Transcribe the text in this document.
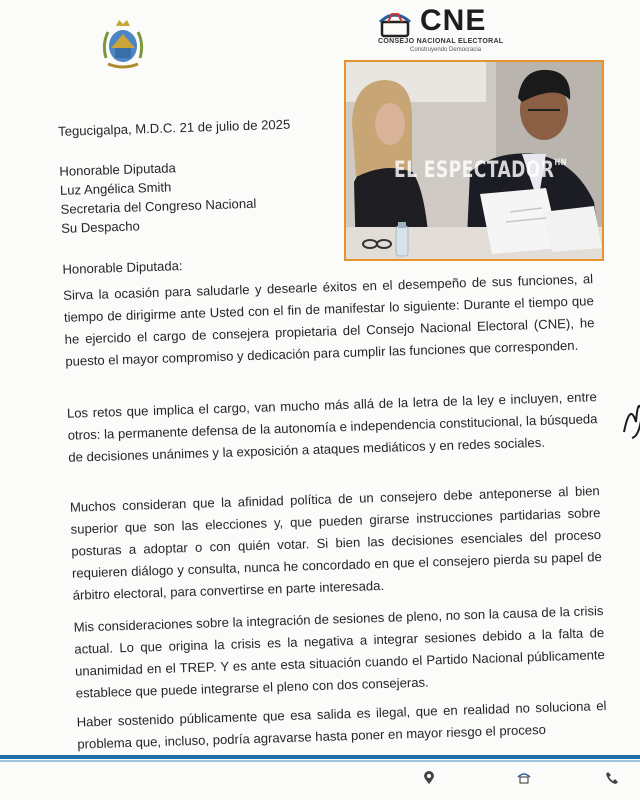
CNE
CONSEJO NACIONAL ELECTORAL
Construyendo Democracia
EL $ESPECTADOR^{HN}$
Tegucigalpa, M.D.C. 21 de julio de 2025
Honorable Diputada
Luz Angélica Smith
Secretaria del Congreso Nacional
Su Despacho
Honorable Diputada:
Sirva la ocasión para saludarle y desearle éxitos en el desempeño de sus funciones, al tiempo de dirigirme ante Usted con el fin de manifestar lo siguiente: Durante el tiempo que he ejercido el cargo de consejera propietaria del Consejo Nacional Electoral (CNE), he puesto el mayor compromiso y dedicación para cumplir las funciones que corresponden.
Los retos que implica el cargo, van mucho más allá de la letra de la ley e incluyen, entre otros: la permanente defensa de la autonomía e independencia constitucional, la búsqueda de decisiones unánimes y la exposición a ataques mediáticos y en redes sociales.
Muchos consideran que la afinidad política de un consejero debe anteponerse al bien superior que son las elecciones y, que pueden girarse instrucciones partidarias sobre posturas a adoptar o con quién votar. Si bien las decisiones esenciales del proceso requieren diálogo y consulta, nunca he concordado en que el consejero pierda su papel de árbitro electoral, para convertirse en parte interesada.
Mis consideraciones sobre la integración de sesiones de pleno, no son la causa de la crisis actual. Lo que origina la crisis es la negativa a integrar sesiones debido a la falta de unanimidad en el TREP. Y es ante esta situación cuando el Partido Nacional públicamente establece que puede integrarse el pleno con dos consejeras.
Haber sostenido públicamente que esa salida es ilegal, que en realidad no soluciona el problema que, incluso, podría agravarse hasta poner en mayor riesgo el proceso
